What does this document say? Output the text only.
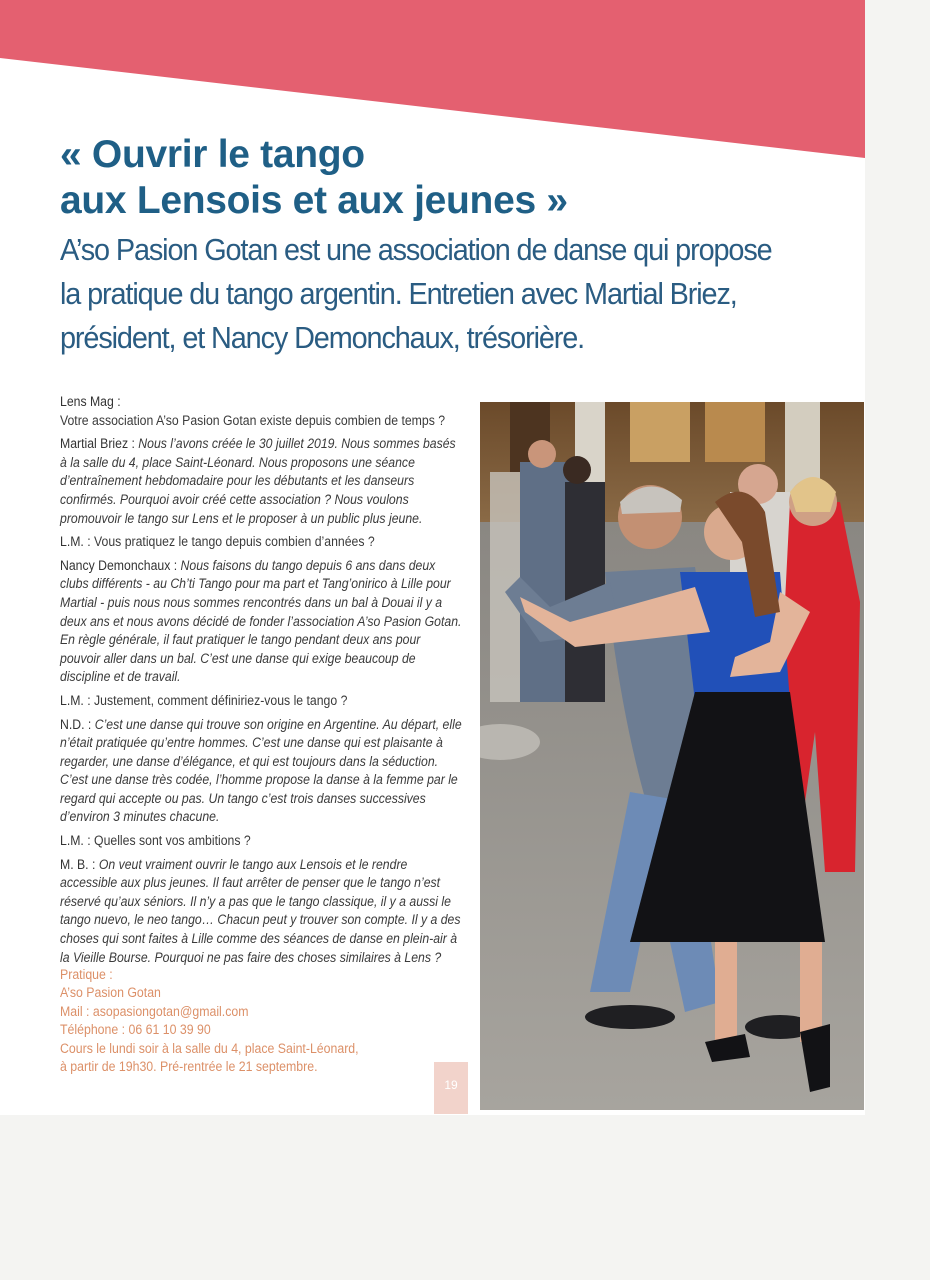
« Ouvrir le tango
aux Lensois et aux jeunes »

A’so Pasion Gotan est une association de danse qui propose la pratique du tango argentin. Entretien avec Martial Briez, président, et Nancy Demonchaux, trésorière.

Lens Mag :
Votre association A’so Pasion Gotan existe depuis combien de temps ?

Martial Briez : Nous l’avons créée le 30 juillet 2019. Nous sommes basés à la salle du 4, place Saint-Léonard. Nous proposons une séance d’entraînement hebdomadaire pour les débutants et les danseurs confirmés. Pourquoi avoir créé cette association ? Nous voulons promouvoir le tango sur Lens et le proposer à un public plus jeune.

L.M. : Vous pratiquez le tango depuis combien d’années ?

Nancy Demonchaux : Nous faisons du tango depuis 6 ans dans deux clubs différents - au Ch’ti Tango pour ma part et Tang’onirico à Lille pour Martial - puis nous nous sommes rencontrés dans un bal à Douai il y a deux ans et nous avons décidé de fonder l’association A’so Pasion Gotan. En règle générale, il faut pratiquer le tango pendant deux ans pour pouvoir aller dans un bal. C’est une danse qui exige beaucoup de discipline et de travail.

L.M. : Justement, comment définiriez-vous le tango ?

N.D. : C’est une danse qui trouve son origine en Argentine. Au départ, elle n’était pratiquée qu’entre hommes. C’est une danse qui est plaisante à regarder, une danse d’élégance, et qui est toujours dans la séduction. C’est une danse très codée, l’homme propose la danse à la femme par le regard qui accepte ou pas. Un tango c’est trois danses successives d’environ 3 minutes chacune.

L.M. : Quelles sont vos ambitions ?

M. B. : On veut vraiment ouvrir le tango aux Lensois et le rendre accessible aux plus jeunes. Il faut arrêter de penser que le tango n’est réservé qu’aux séniors. Il n’y a pas que le tango classique, il y a aussi le tango nuevo, le neo tango… Chacun peut y trouver son compte. Il y a des choses qui sont faites à Lille comme des séances de danse en plein-air à la Vieille Bourse. Pourquoi ne pas faire des choses similaires à Lens ?

Pratique :
A’so Pasion Gotan
Mail : asopasiongotan@gmail.com
Téléphone : 06 61 10 39 90
Cours le lundi soir à la salle du 4, place Saint-Léonard,
à partir de 19h30. Pré-rentrée le 21 septembre.
19
